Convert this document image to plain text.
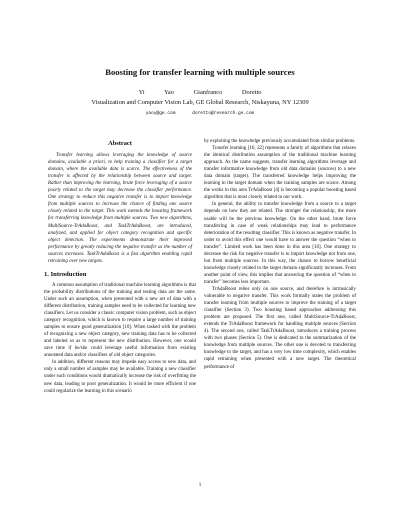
Boosting for transfer learning with multiple sources
Yi Yao Gianfranco Doretto
Visualization and Computer Vision Lab, GE Global Research, Niskayuna, NY 12309
yaoy@ge.com doretto@research.ge.com
Abstract

Transfer learning allows leveraging the knowledge of source domains, available a priori, to help training a classifier for a target domain, where the available data is scarce. The effectiveness of the transfer is affected by the relationship between source and target. Rather than improving the learning, brute force leveraging of a source poorly related to the target may decrease the classifier performance. One strategy to reduce this negative transfer is to import knowledge from multiple sources to increase the chance of finding one source closely related to the target. This work extends the boosting framework for transferring knowledge from multiple sources. Two new algorithms, MultiSource-TrAdaBoost, and TaskTrAdaBoost, are introduced, analyzed, and applied for object category recognition and specific object detection. The experiments demonstrate their improved performance by greatly reducing the negative transfer as the number of sources increases. TaskTrAdaBoost is a fast algorithm enabling rapid retraining over new targets.

1. Introduction

A common assumption of traditional machine learning algorithms is that the probability distributions of the training and testing data are the same. Under such an assumption, when presented with a new set of data with a different distribution, training samples need to be collected for learning new classifiers. Let us consider a classic computer vision problem, such as object category recognition, which is known to require a large number of training samples to ensure good generalization [10]. When tasked with the problem of recognizing a new object category, new training data has to be collected and labeled so as to represent the new distribution. However, one would save time if he/she could leverage useful information from existing annotated data and/or classifiers of old object categories.

In addition, different reasons may impede easy access to new data, and only a small number of samples may be available. Training a new classifier under such conditions would dramatically increase the risk of overfitting the new data, leading to poor generalization. It would be more efficient if one could regularize the learning in this scenario

by exploiting the knowledge previously accumulated from similar problems.

Transfer learning [16, 22] represents a family of algorithms that relaxes the identical distribution assumption of the traditional machine learning approach. As the name suggests, transfer learning algorithms leverage and transfer informative knowledge from old data domains (sources) to a new data domain (target). The transferred knowledge helps improving the learning in the target domain when the training samples are scarce. Among the works in this area TrAdaBoost [4] is becoming a popular boosting based algorithm that is most closely related to our work.

In general, the ability to transfer knowledge from a source to a target depends on how they are related. The stronger the relationship, the more usable will be the previous knowledge. On the other hand, brute force transferring in case of weak relationships may lead to performance deterioration of the resulting classifier. This is known as negative transfer. In order to avoid this effect one would have to answer the question “when to transfer”. Limited work has been done in this area [16]. One strategy to decrease the risk for negative transfer is to import knowledge not from one, but from multiple sources. In this way, the chance to borrow beneficial knowledge closely related to the target domain significantly increases. From another point of view, this implies that answering the question of “when to transfer” becomes less important.

TrAdaBoost relies only on one source, and therefore is intrinsically vulnerable to negative transfer. This work formally states the problem of transfer learning from multiple sources to improve the training of a target classifier (Section 3). Two boosting based approaches addressing this problem are proposed. The first one, called MultiSource-TrAdaBoost, extends the TrAdaBoost framework for handling multiple sources (Section 4). The second one, called TaskTrAdaBoost, introduces a training process with two phases (Section 5). One is dedicated to the summarization of the knowledge from multiple sources. The other one is devoted to transferring knowledge to the target, and has a very low time complexity, which enables rapid retraining when presented with a new target. The theoretical performance of

1
